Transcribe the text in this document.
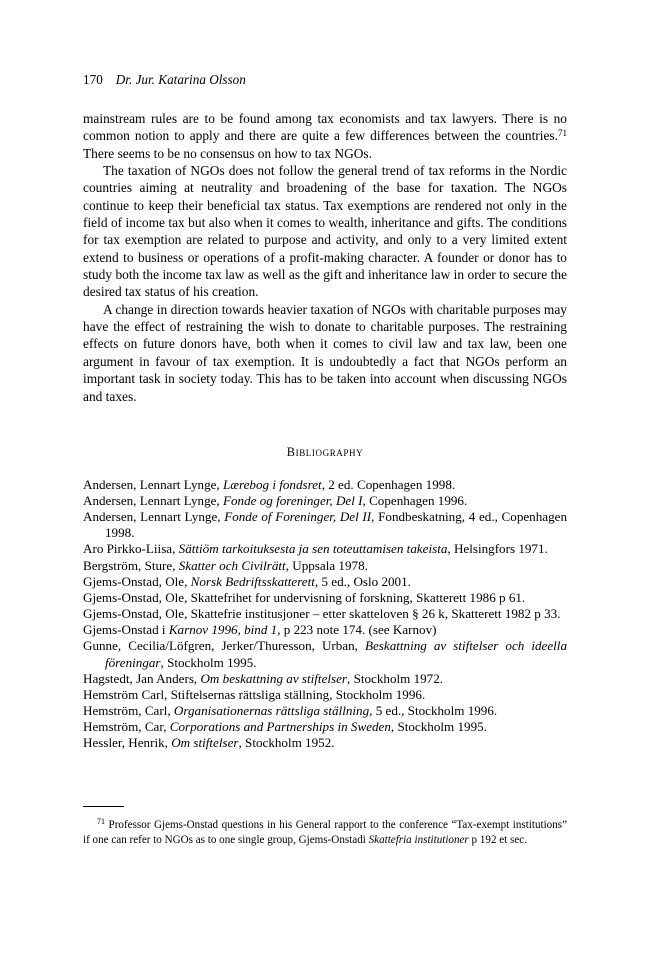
170 Dr. Jur. Katarina Olsson

mainstream rules are to be found among tax economists and tax lawyers. There is no common notion to apply and there are quite a few differences between the countries.$^{71}$ There seems to be no consensus on how to tax NGOs.

The taxation of NGOs does not follow the general trend of tax reforms in the Nordic countries aiming at neutrality and broadening of the base for taxation. The NGOs continue to keep their beneficial tax status. Tax exemptions are rendered not only in the field of income tax but also when it comes to wealth, inheritance and gifts. The conditions for tax exemption are related to purpose and activity, and only to a very limited extent extend to business or operations of a profit-making character. A founder or donor has to study both the income tax law as well as the gift and inheritance law in order to secure the desired tax status of his creation.

A change in direction towards heavier taxation of NGOs with charitable purposes may have the effect of restraining the wish to donate to charitable purposes. The restraining effects on future donors have, both when it comes to civil law and tax law, been one argument in favour of tax exemption. It is undoubtedly a fact that NGOs perform an important task in society today. This has to be taken into account when discussing NGOs and taxes.

Bibliography
Andersen, Lennart Lynge, Lærebog i fondsret, 2 ed. Copenhagen 1998.
Andersen, Lennart Lynge, Fonde og foreninger, Del I, Copenhagen 1996.
Andersen, Lennart Lynge, Fonde of Foreninger, Del II, Fondbeskatning, 4 ed., Copenhagen 1998.
Aro Pirkko-Liisa, Sättiöm tarkoituksesta ja sen toteuttamisen takeista, Helsingfors 1971.
Bergström, Sture, Skatter och Civilrätt, Uppsala 1978.
Gjems-Onstad, Ole, Norsk Bedriftsskatterett, 5 ed., Oslo 2001.
Gjems-Onstad, Ole, Skattefrihet for undervisning of forskning, Skatterett 1986 p 61.
Gjems-Onstad, Ole, Skattefrie institusjoner – etter skatteloven § 26 k, Skatterett 1982 p 33.
Gjems-Onstad i Karnov 1996, bind 1, p 223 note 174. (see Karnov)
Gunne, Cecilia/Löfgren, Jerker/Thuresson, Urban, Beskattning av stiftelser och ideella föreningar, Stockholm 1995.
Hagstedt, Jan Anders, Om beskattning av stiftelser, Stockholm 1972.
Hemström Carl, Stiftelsernas rättsliga ställning, Stockholm 1996.
Hemström, Carl, Organisationernas rättsliga ställning, 5 ed., Stockholm 1996.
Hemström, Car, Corporations and Partnerships in Sweden, Stockholm 1995.
Hessler, Henrik, Om stiftelser, Stockholm 1952.

$^{71}$ Professor Gjems-Onstad questions in his General rapport to the conference “Tax-exempt institutions” if one can refer to NGOs as to one single group, Gjems-Onstadi Skattefria institutioner p 192 et sec.
